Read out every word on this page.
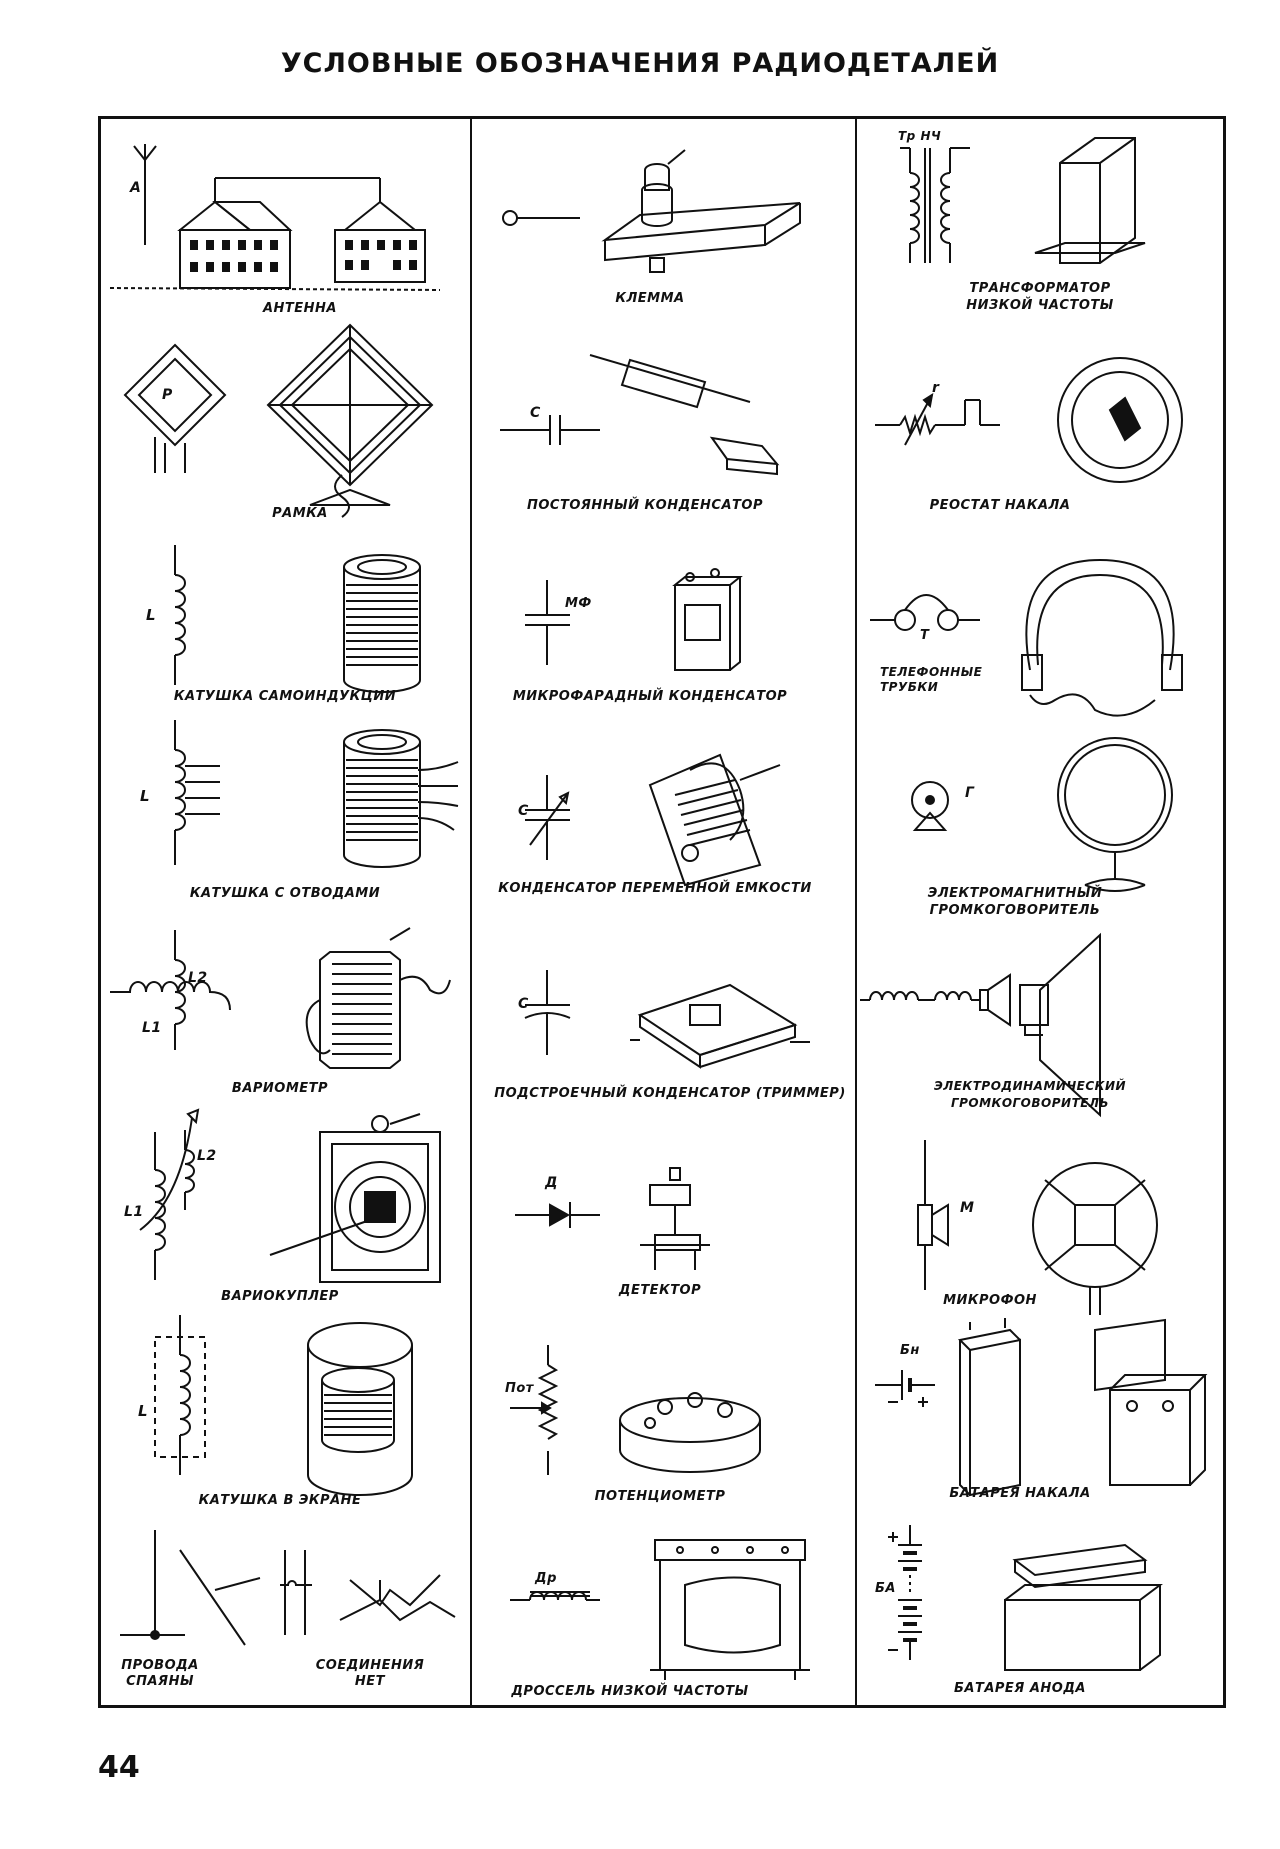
УСЛОВНЫЕ ОБОЗНАЧЕНИЯ РАДИОДЕТАЛЕЙ
А
АНТЕННА
Р
РАМКА
L
КАТУШКА САМОИНДУКЦИИ
L
КАТУШКА С ОТВОДАМИ
L2
L1
ВАРИОМЕТР
L2
L1
ВАРИОКУПЛЕР
L
КАТУШКА В ЭКРАНЕ
ПРОВОДА СПАЯНЫ
СОЕДИНЕНИЯ НЕТ
КЛЕММА
С
ПОСТОЯННЫЙ КОНДЕНСАТОР
МФ
МИКРОФАРАДНЫЙ КОНДЕНСАТОР
С
КОНДЕНСАТОР ПЕРЕМЕННОЙ ЕМКОСТИ
С
ПОДСТРОЕЧНЫЙ КОНДЕНСАТОР (ТРИММЕР)
Д
ДЕТЕКТОР
Пот
ПОТЕНЦИОМЕТР
Др
ДРОССЕЛЬ НИЗКОЙ ЧАСТОТЫ
Тр НЧ
ТРАНСФОРМАТОР НИЗКОЙ ЧАСТОТЫ
r
РЕОСТАТ НАКАЛА
Т
ТЕЛЕФОННЫЕ ТРУБКИ
Г
ЭЛЕКТРОМАГНИТНЫЙ ГРОМКОГОВОРИТЕЛЬ
ЭЛЕКТРОДИНАМИЧЕСКИЙ ГРОМКОГОВОРИТЕЛЬ
М
МИКРОФОН
Бн
БАТАРЕЯ НАКАЛА
БА
БАТАРЕЯ АНОДА
44
